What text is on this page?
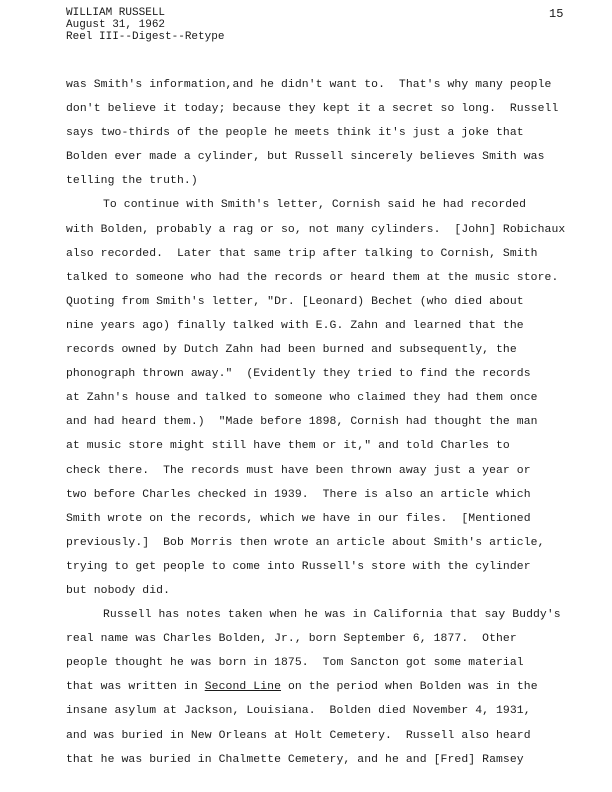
WILLIAM RUSSELL
August 31, 1962
Reel III--Digest--Retype
15
was Smith's information,and he didn't want to.  That's why many people
don't believe it today; because they kept it a secret so long.  Russell
says two-thirds of the people he meets think it's just a joke that
Bolden ever made a cylinder, but Russell sincerely believes Smith was
telling the truth.)
To continue with Smith's letter, Cornish said he had recorded
with Bolden, probably a rag or so, not many cylinders.  [John] Robichaux
also recorded.  Later that same trip after talking to Cornish, Smith
talked to someone who had the records or heard them at the music store.
Quoting from Smith's letter, "Dr. [Leonard) Bechet (who died about
nine years ago) finally talked with E.G. Zahn and learned that the
records owned by Dutch Zahn had been burned and subsequently, the
phonograph thrown away."  (Evidently they tried to find the records
at Zahn's house and talked to someone who claimed they had them once
and had heard them.)  "Made before 1898, Cornish had thought the man
at music store might still have them or it," and told Charles to
check there.  The records must have been thrown away just a year or
two before Charles checked in 1939.  There is also an article which
Smith wrote on the records, which we have in our files.  [Mentioned
previously.]  Bob Morris then wrote an article about Smith's article,
trying to get people to come into Russell's store with the cylinder
but nobody did.
Russell has notes taken when he was in California that say Buddy's
real name was Charles Bolden, Jr., born September 6, 1877.  Other
people thought he was born in 1875.  Tom Sancton got some material
that was written in Second Line on the period when Bolden was in the
insane asylum at Jackson, Louisiana.  Bolden died November 4, 1931,
and was buried in New Orleans at Holt Cemetery.  Russell also heard
that he was buried in Chalmette Cemetery, and he and [Fred] Ramsey
